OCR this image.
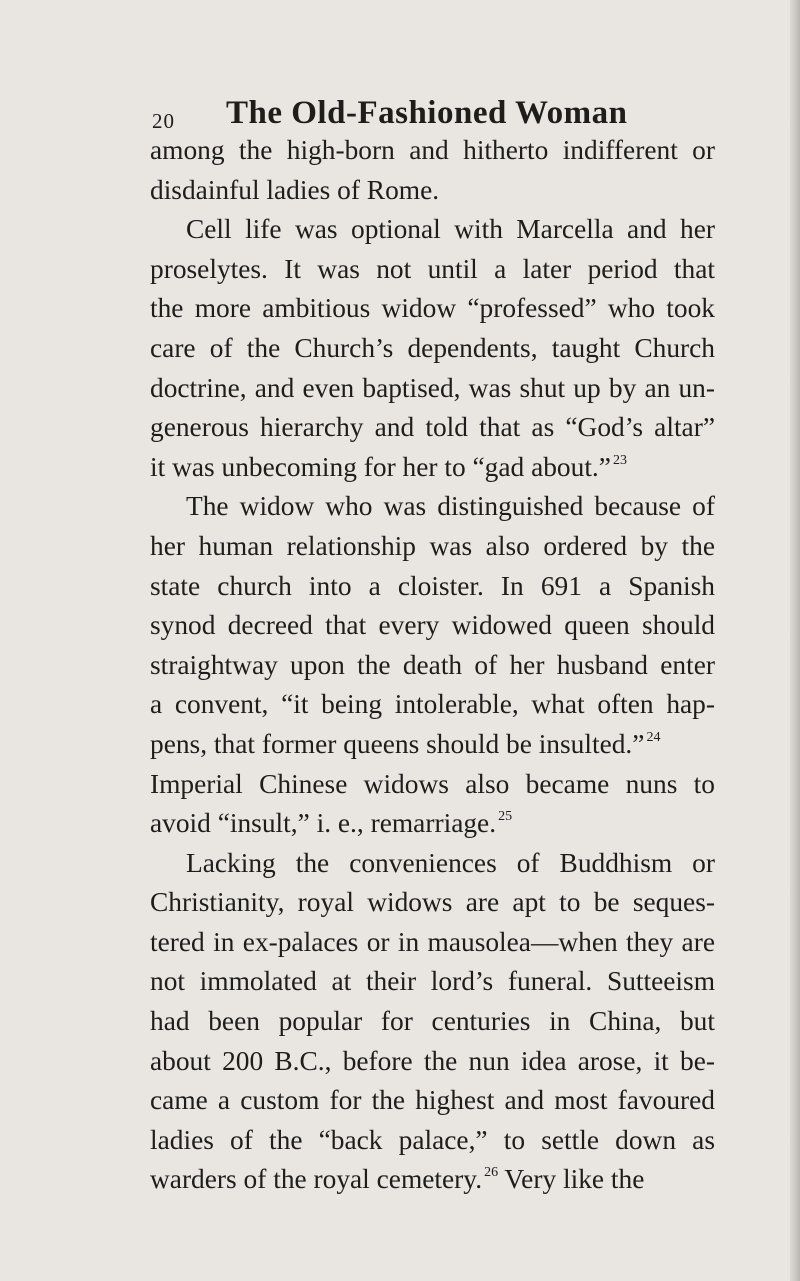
20 The Old-Fashioned Woman
among the high-born and hitherto indifferent or
disdainful ladies of Rome.
Cell life was optional with Marcella and her
proselytes. It was not until a later period that
the more ambitious widow “professed” who took
care of the Church’s dependents, taught Church
doctrine, and even baptised, was shut up by an un-
generous hierarchy and told that as “God’s altar”
it was unbecoming for her to “gad about.” $^{23}$
The widow who was distinguished because of
her human relationship was also ordered by the
state church into a cloister. In 691 a Spanish
synod decreed that every widowed queen should
straightway upon the death of her husband enter
a convent, “it being intolerable, what often hap-
pens, that former queens should be insulted.” $^{24}$
Imperial Chinese widows also became nuns to
avoid “insult,” i. e., remarriage. $^{25}$
Lacking the conveniences of Buddhism or
Christianity, royal widows are apt to be seques-
tered in ex-palaces or in mausolea—when they are
not immolated at their lord’s funeral. Sutteeism
had been popular for centuries in China, but
about 200 B.C., before the nun idea arose, it be-
came a custom for the highest and most favoured
ladies of the “back palace,” to settle down as
warders of the royal cemetery. $^{26}$ Very like the
